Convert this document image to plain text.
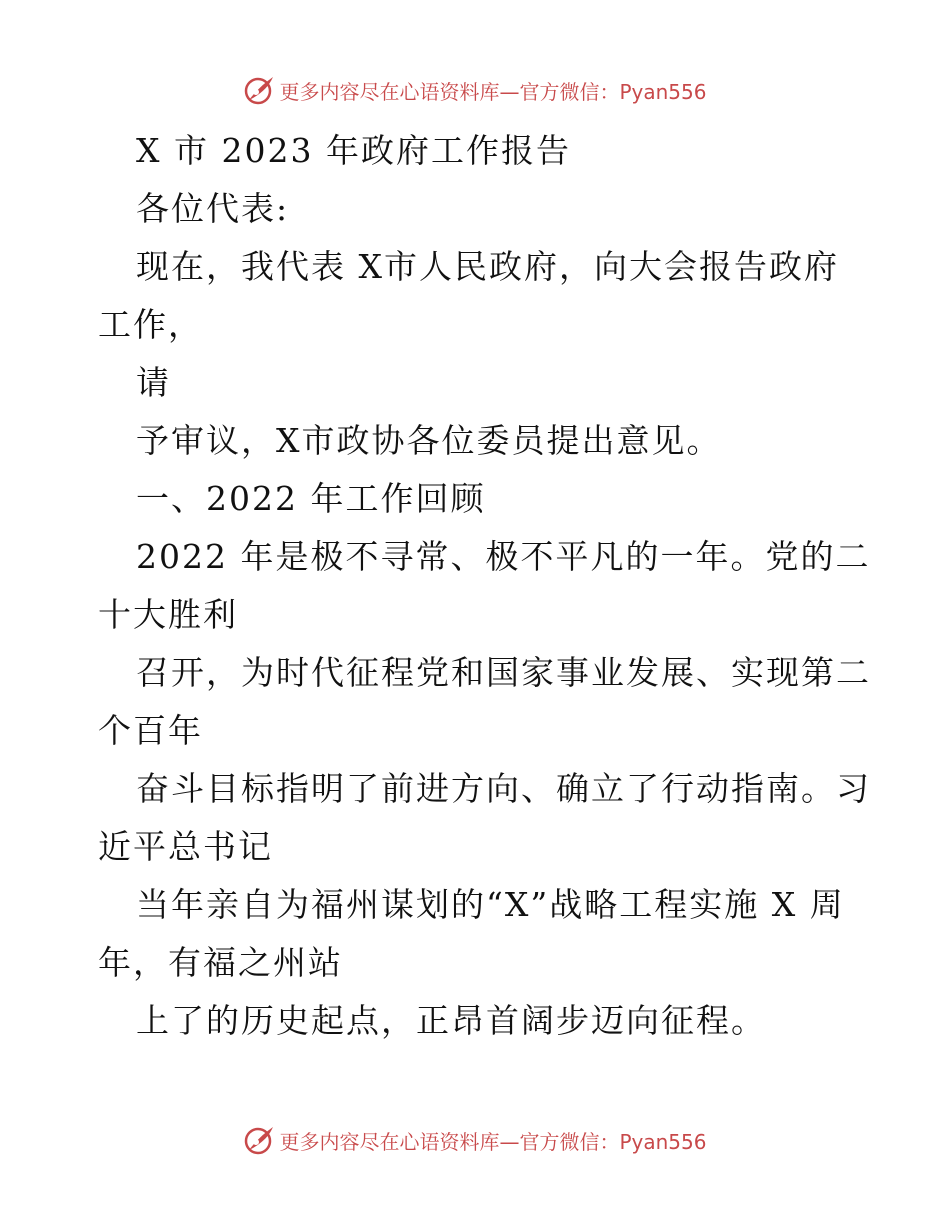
更多内容尽在心语资料库—官方微信：Pyan556
X 市 2023 年政府工作报告
各位代表:
现在，我代表 X市人民政府，向大会报告政府
工作，
请
予审议，X市政协各位委员提出意见。
一、2022 年工作回顾
2022 年是极不寻常、极不平凡的一年。党的二
十大胜利
召开，为时代征程党和国家事业发展、实现第二
个百年
奋斗目标指明了前进方向、确立了行动指南。习
近平总书记
当年亲自为福州谋划的“X”战略工程实施 X 周
年，有福之州站
上了的历史起点，正昂首阔步迈向征程。
更多内容尽在心语资料库—官方微信：Pyan556
